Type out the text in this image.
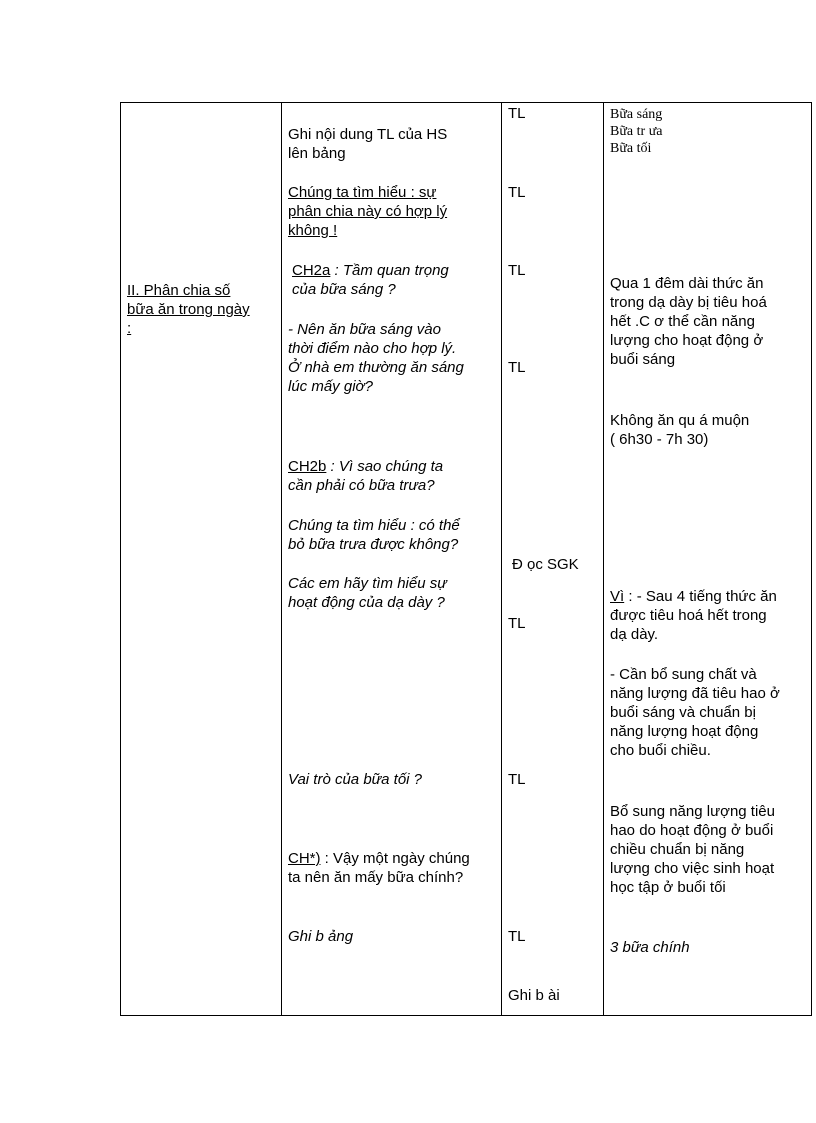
II. Phân chia số
bữa ăn trong ngày
:
Ghi nội dung TL của HS
lên bảng
Chúng ta tìm hiểu : sự
phân chia này có hợp lý
không !
CH2a : Tầm quan trọng
của bữa sáng ?
- Nên ăn bữa sáng vào
thời điểm nào cho hợp lý.
Ở nhà em thường ăn sáng
lúc mấy giờ?
CH2b : Vì sao chúng ta
cần phải có bữa trưa?
Chúng ta tìm hiểu : có thể
bỏ bữa trưa được không?
Các em hãy tìm hiểu sự
hoạt động của dạ dày ?
Vai trò của bữa tối ?
CH*) : Vậy một ngày chúng
ta nên ăn mấy bữa chính?
Ghi b ảng
TL
TL
TL
TL
Đ ọc SGK
TL
TL
TL
Ghi b ài
Bữa sáng
Bữa tr ưa
Bữa tối
Qua 1 đêm dài thức ăn
trong dạ dày bị tiêu hoá
hết .C ơ thể cần năng
lượng cho hoạt động ở
buổi sáng
Không ăn qu á muộn
( 6h30 - 7h 30)
Vì : - Sau 4 tiếng thức ăn
được tiêu hoá hết trong
dạ dày.
- Cần bổ sung chất và
năng lượng đã tiêu hao ở
buổi sáng và chuẩn bị
năng lượng hoạt động
cho buổi chiều.
Bổ sung năng lượng tiêu
hao do hoạt động ở buổi
chiều chuẩn bị năng
lượng cho việc sinh hoạt
học tập ở buổi tối
3 bữa chính
